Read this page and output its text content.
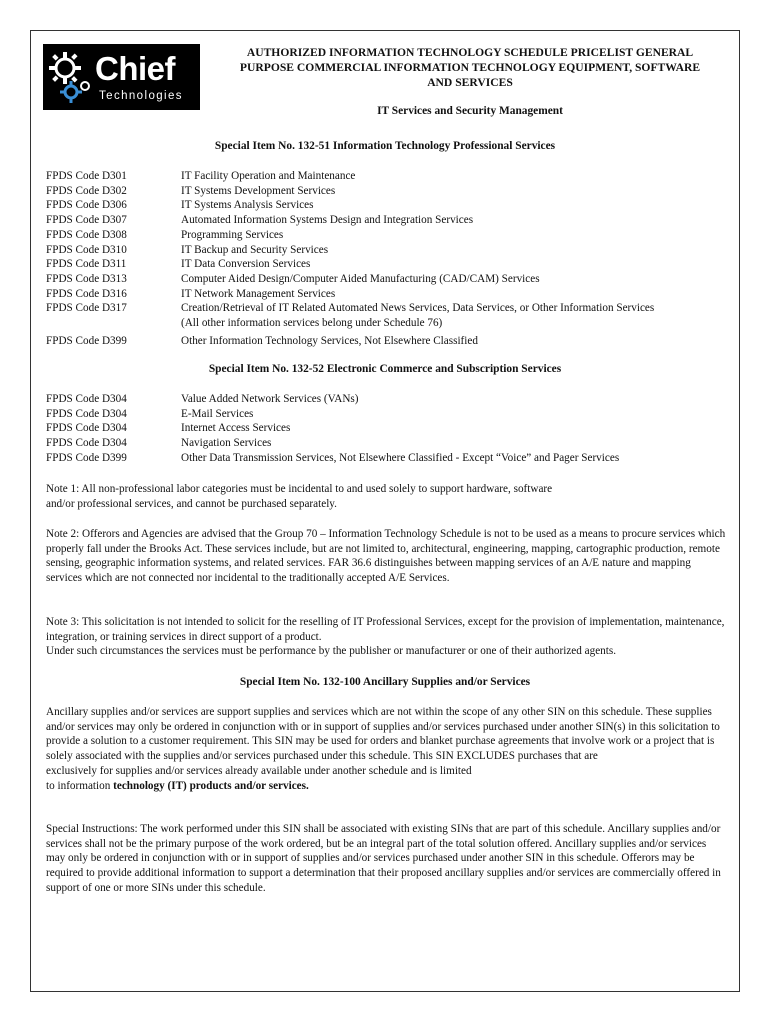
Chief
Technologies
AUTHORIZED INFORMATION TECHNOLOGY SCHEDULE PRICELIST GENERAL
PURPOSE COMMERCIAL INFORMATION TECHNOLOGY EQUIPMENT, SOFTWARE
AND SERVICES
IT Services and Security Management
Special Item No. 132-51 Information Technology Professional Services
FPDS Code D301	IT Facility Operation and Maintenance
FPDS Code D302	IT Systems Development Services
FPDS Code D306	IT Systems Analysis Services
FPDS Code D307	Automated Information Systems Design and Integration Services
FPDS Code D308	Programming Services
FPDS Code D310	IT Backup and Security Services
FPDS Code D311	IT Data Conversion Services
FPDS Code D313	Computer Aided Design/Computer Aided Manufacturing (CAD/CAM) Services
FPDS Code D316	IT Network Management Services
FPDS Code D317	Creation/Retrieval of IT Related Automated News Services, Data Services, or Other Information Services
(All other information services belong under Schedule 76)
FPDS Code D399	Other Information Technology Services, Not Elsewhere Classified
Special Item No. 132-52 Electronic Commerce and Subscription Services
FPDS Code D304	Value Added Network Services (VANs)
FPDS Code D304	E-Mail Services
FPDS Code D304	Internet Access Services
FPDS Code D304	Navigation Services
FPDS Code D399	Other Data Transmission Services, Not Elsewhere Classified - Except “Voice” and Pager Services

Note 1: All non-professional labor categories must be incidental to and used solely to support hardware, software

and/or professional services, and cannot be purchased separately.

Note 2: Offerors and Agencies are advised that the Group 70 – Information Technology Schedule is not to be used as a means to procure services which properly fall under the Brooks Act. These services include, but are not limited to, architectural, engineering, mapping, cartographic production, remote sensing, geographic information systems, and related services. FAR 36.6 distinguishes between mapping services of an A/E nature and mapping services which are not connected nor incidental to the traditionally accepted A/E Services.

Note 3: This solicitation is not intended to solicit for the reselling of IT Professional Services, except for the provision of implementation, maintenance, integration, or training services in direct support of a product.

Under such circumstances the services must be performance by the publisher or manufacturer or one of their authorized agents.

Special Item No. 132-100 Ancillary Supplies and/or Services

Ancillary supplies and/or services are support supplies and services which are not within the scope of any other SIN on this schedule. These supplies and/or services may only be ordered in conjunction with or in support of supplies and/or services purchased under another SIN(s) in this solicitation to provide a solution to a customer requirement. This SIN may be used for orders and blanket purchase agreements that involve work or a project that is solely associated with the supplies and/or services purchased under this schedule. This SIN EXCLUDES purchases that are

exclusively for supplies and/or services already available under another schedule and is limited

to information technology (IT) products and/or services.

Special Instructions: The work performed under this SIN shall be associated with existing SINs that are part of this schedule. Ancillary supplies and/or services shall not be the primary purpose of the work ordered, but be an integral part of the total solution offered. Ancillary supplies and/or services may only be ordered in conjunction with or in support of supplies and/or services purchased under another SIN in this schedule. Offerors may be required to provide additional information to support a determination that their proposed ancillary supplies and/or services are commercially offered in support of one or more SINs under this schedule.
